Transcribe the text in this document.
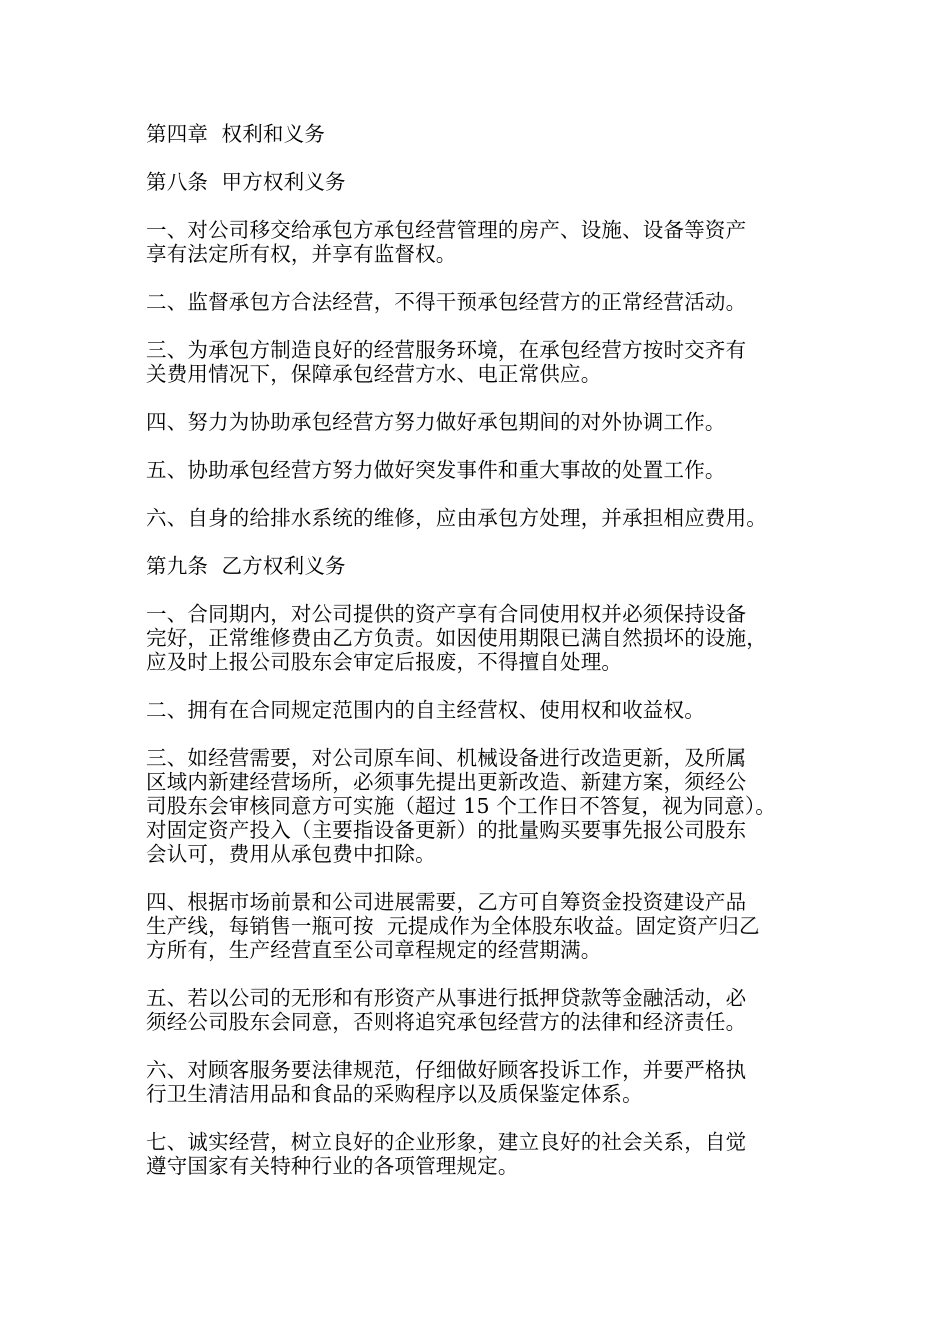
第四章  权利和义务

第八条  甲方权利义务

一、对公司移交给承包方承包经营管理的房产、设施、设备等资产
享有法定所有权，并享有监督权。

二、监督承包方合法经营，不得干预承包经营方的正常经营活动。

三、为承包方制造良好的经营服务环境，在承包经营方按时交齐有
关费用情况下，保障承包经营方水、电正常供应。

四、努力为协助承包经营方努力做好承包期间的对外协调工作。

五、协助承包经营方努力做好突发事件和重大事故的处置工作。

六、自身的给排水系统的维修，应由承包方处理，并承担相应费用。

第九条  乙方权利义务

一、合同期内，对公司提供的资产享有合同使用权并必须保持设备
完好，正常维修费由乙方负责。如因使用期限已满自然损坏的设施，
应及时上报公司股东会审定后报废，不得擅自处理。

二、拥有在合同规定范围内的自主经营权、使用权和收益权。

三、如经营需要，对公司原车间、机械设备进行改造更新，及所属
区域内新建经营场所，必须事先提出更新改造、新建方案，须经公
司股东会审核同意方可实施（超过 15 个工作日不答复，视为同意）。
对固定资产投入（主要指设备更新）的批量购买要事先报公司股东
会认可，费用从承包费中扣除。

四、根据市场前景和公司进展需要，乙方可自筹资金投资建设产品
生产线，每销售一瓶可按  元提成作为全体股东收益。固定资产归乙
方所有，生产经营直至公司章程规定的经营期满。

五、若以公司的无形和有形资产从事进行抵押贷款等金融活动，必
须经公司股东会同意，否则将追究承包经营方的法律和经济责任。

六、对顾客服务要法律规范，仔细做好顾客投诉工作，并要严格执
行卫生清洁用品和食品的采购程序以及质保鉴定体系。

七、诚实经营，树立良好的企业形象，建立良好的社会关系，自觉
遵守国家有关特种行业的各项管理规定。
